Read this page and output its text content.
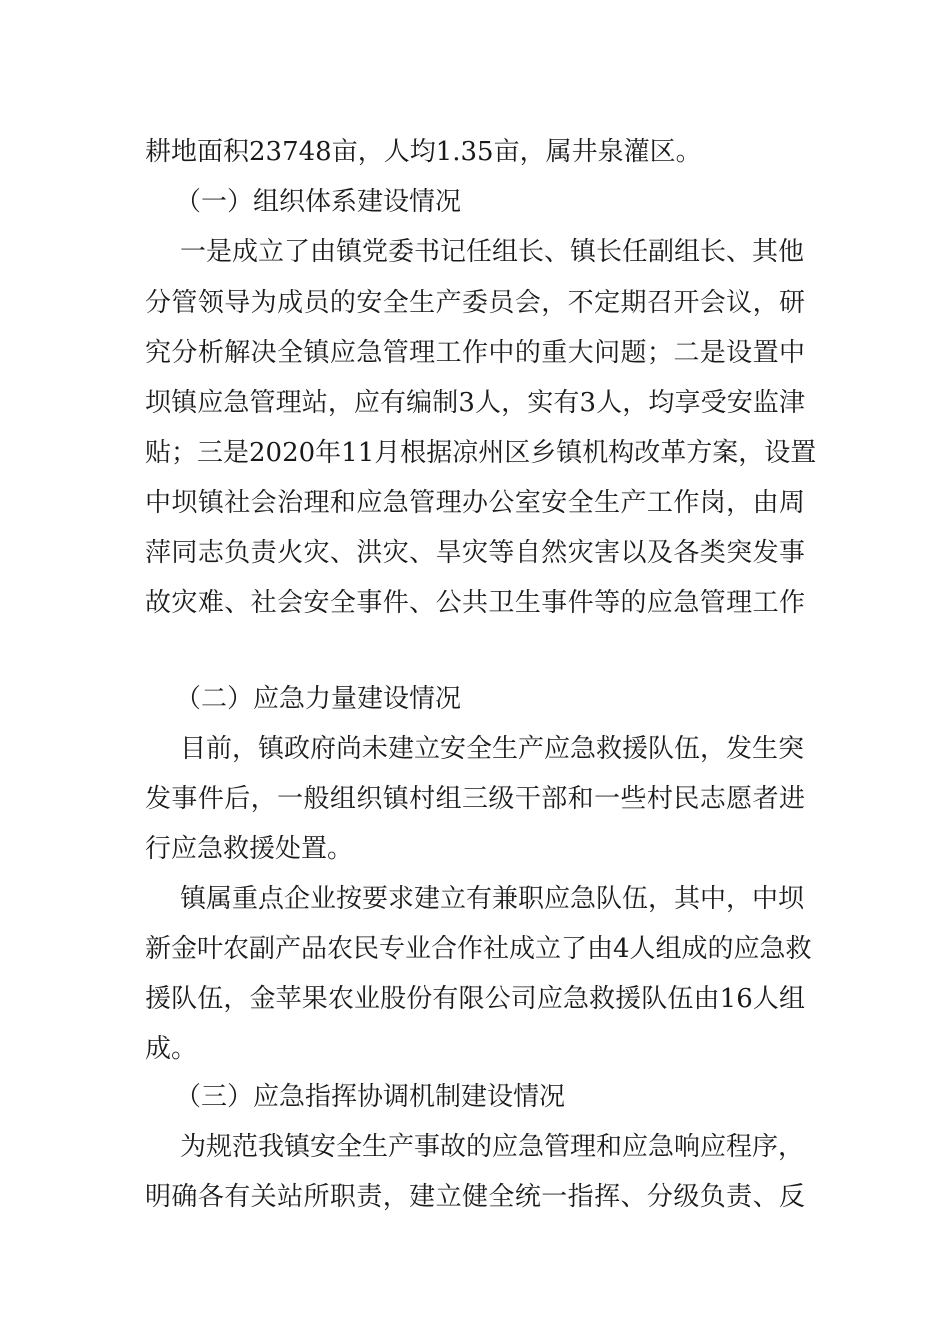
耕地面积23748亩，人均1.35亩，属井泉灌区。
（一）组织体系建设情况
一是成立了由镇党委书记任组长、镇长任副组长、其他
分管领导为成员的安全生产委员会，不定期召开会议，研
究分析解决全镇应急管理工作中的重大问题；二是设置中
坝镇应急管理站，应有编制3人，实有3人，均享受安监津
贴；三是2020年11月根据凉州区乡镇机构改革方案，设置
中坝镇社会治理和应急管理办公室安全生产工作岗，由周
萍同志负责火灾、洪灾、旱灾等自然灾害以及各类突发事
故灾难、社会安全事件、公共卫生事件等的应急管理工作
（二）应急力量建设情况
目前，镇政府尚未建立安全生产应急救援队伍，发生突
发事件后，一般组织镇村组三级干部和一些村民志愿者进
行应急救援处置。
镇属重点企业按要求建立有兼职应急队伍，其中，中坝
新金叶农副产品农民专业合作社成立了由4人组成的应急救
援队伍，金苹果农业股份有限公司应急救援队伍由16人组
成。
（三）应急指挥协调机制建设情况
为规范我镇安全生产事故的应急管理和应急响应程序，
明确各有关站所职责，建立健全统一指挥、分级负责、反
